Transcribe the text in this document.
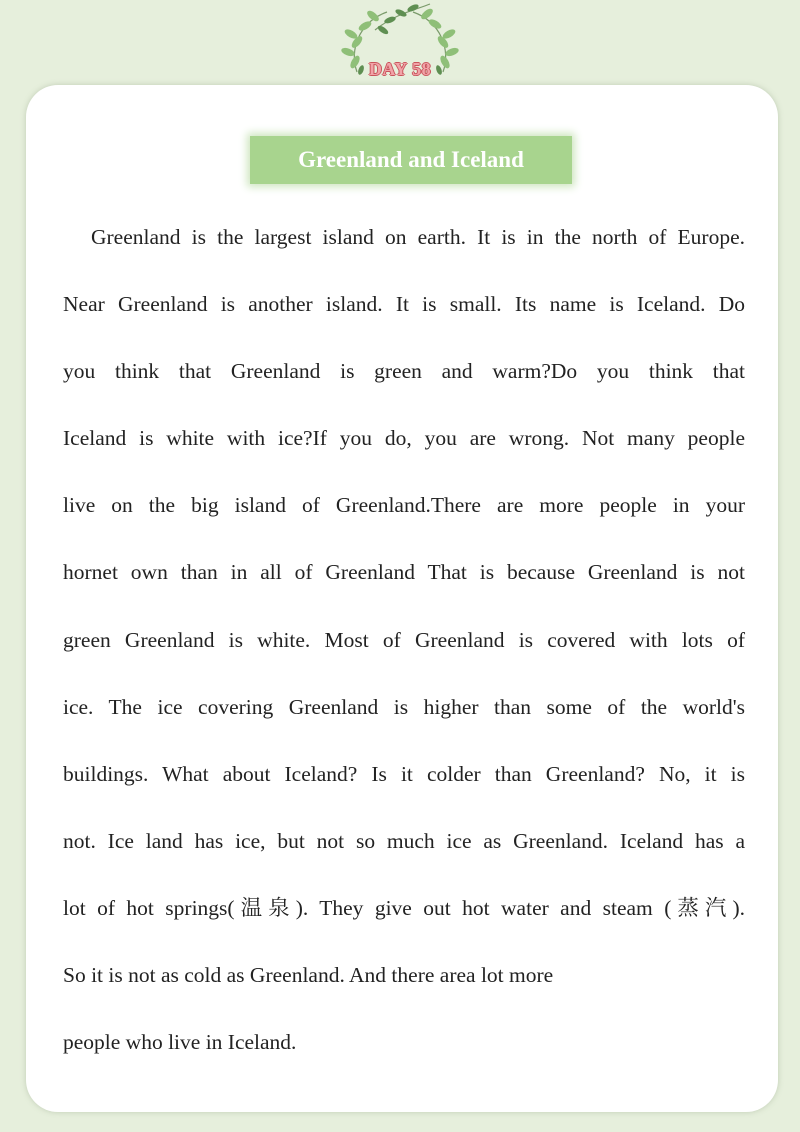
DAY 58
Greenland and Iceland
Greenland is the largest island on earth. It is in the north of Europe.
Near Greenland is another island. It is small. Its name is Iceland. Do
you think that Greenland is green and warm?Do you think that
Iceland is white with ice?If you do, you are wrong. Not many people
live on the big island of Greenland.There are more people in your
hornet own than in all of Greenland That is because Greenland is not
green Greenland is white. Most of Greenland is covered with lots of
ice. The ice covering Greenland is higher than some of the world's
buildings. What about Iceland? Is it colder than Greenland? No, it is
not. Ice land has ice, but not so much ice as Greenland. Iceland has a
lot of hot springs(温泉). They give out hot water and steam (蒸汽).
So it is not as cold as Greenland. And there area lot more
people who live in Iceland.
